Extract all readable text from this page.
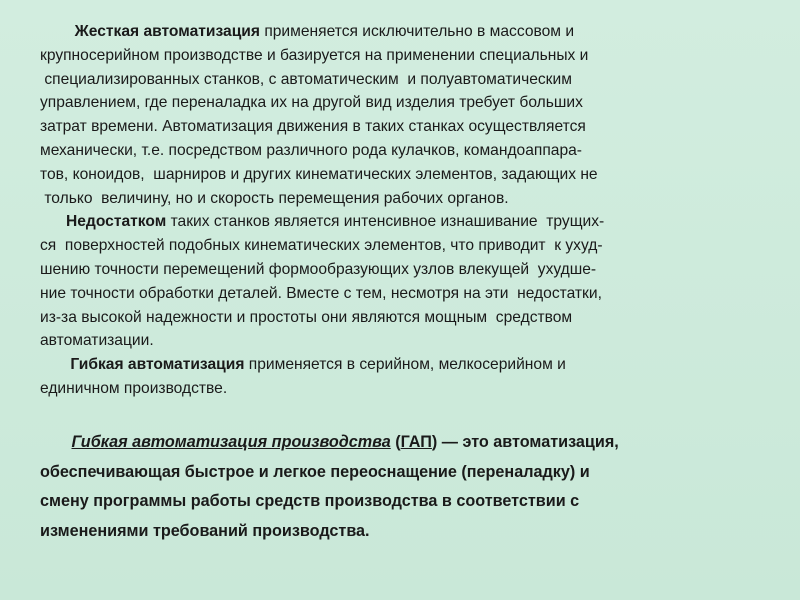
Жесткая автоматизация применяется исключительно в массовом и
крупносерийном производстве и базируется на применении специальных и
специализированных станков, с автоматическим  и полуавтоматическим
управлением, где переналадка их на другой вид изделия требует больших
затрат времени. Автоматизация движения в таких станках осуществляется
механически, т.е. посредством различного рода кулачков, командоаппара-
тов, коноидов,  шарниров и других кинематических элементов, задающих не
только  величину, но и скорость перемещения рабочих органов.
Недостатком таких станков является интенсивное изнашивание  трущих-
ся  поверхностей подобных кинематических элементов, что приводит  к ухуд-
шению точности перемещений формообразующих узлов влекущей  ухудше-
ние точности обработки деталей. Вместе с тем, несмотря на эти  недостатки,
из-за высокой надежности и простоты они являются мощным  средством
автоматизации.
Гибкая автоматизация применяется в серийном, мелкосерийном и
единичном производстве.
Гибкая автоматизация производства (ГАП) — это автоматизация,
обеспечивающая быстрое и легкое переоснащение (переналадку) и
смену программы работы средств производства в соответствии с
изменениями требований производства.
